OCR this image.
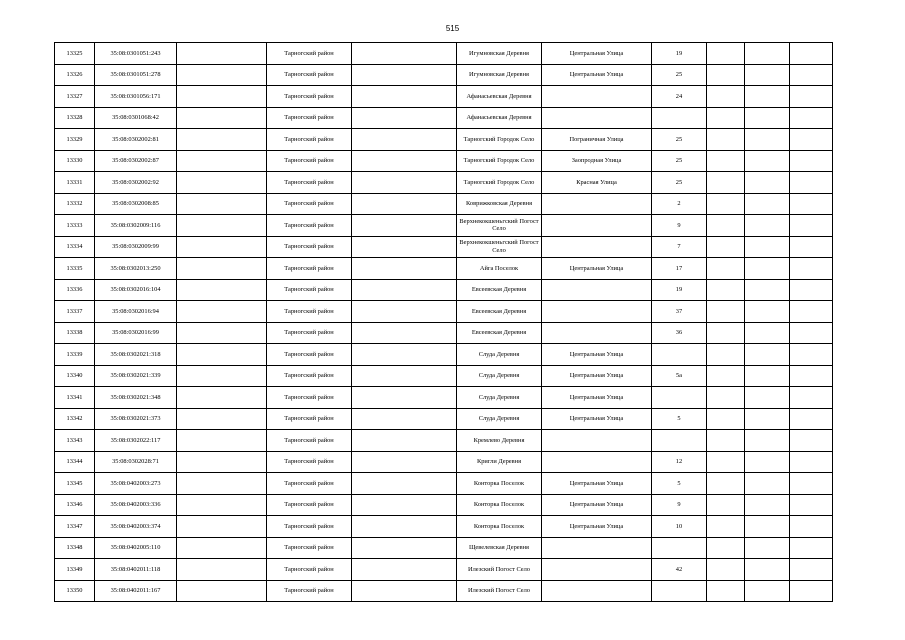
515
13325	35:08:0301051:243		Тарногский район		Игумновская Деревня	Центральная Улица	19			
13326	35:08:0301051:278		Тарногский район		Игумновская Деревня	Центральная Улица	25			
13327	35:08:0301056:171		Тарногский район		Афанасьевская Деревня		24			
13328	35:08:0301068:42		Тарногский район		Афанасьевская Деревня					
13329	35:08:0302002:81		Тарногский район		Тарногский Городок Село	Пограничная Улица	25			
13330	35:08:0302002:87		Тарногский район		Тарногский Городок Село	Заопродная Улица	25			
13331	35:08:0302002:92		Тарногский район		Тарногский Городок Село	Красная Улица	25			
13332	35:08:0302008:85		Тарногский район		Коврижковская Деревня		2			
13333	35:08:0302009:116		Тарногский район		Верхнекокшеньгский Погост Село		9			
13334	35:08:0302009:99		Тарногский район		Верхнекокшеньгский Погост Село		7			
13335	35:08:0302013:250		Тарногский район		Айга Поселок	Центральная Улица	17			
13336	35:08:0302016:104		Тарногский район		Евсеевская Деревня		19			
13337	35:08:0302016:94		Тарногский район		Евсеевская Деревня		37			
13338	35:08:0302016:99		Тарногский район		Евсеевская Деревня		36			
13339	35:08:0302021:318		Тарногский район		Слуда Деревня	Центральная Улица				
13340	35:08:0302021:339		Тарногский район		Слуда Деревня	Центральная Улица	5а			
13341	35:08:0302021:348		Тарногский район		Слуда Деревня	Центральная Улица				
13342	35:08:0302021:373		Тарногский район		Слуда Деревня	Центральная Улица	5			
13343	35:08:0302022:117		Тарногский район		Кремлево Деревня					
13344	35:08:0302028:71		Тарногский район		Кригли Деревня		12			
13345	35:08:0402003:273		Тарногский район		Конторка Поселок	Центральная Улица	5			
13346	35:08:0402003:336		Тарногский район		Конторка Поселок	Центральная Улица	9			
13347	35:08:0402003:374		Тарногский район		Конторка Поселок	Центральная Улица	10			
13348	35:08:0402005:110		Тарногский район		Щевелевская Деревня					
13349	35:08:0402011:118		Тарногский район		Илезский Погост Село		42			
13350	35:08:0402011:167		Тарногский район		Илезский Погост Село					
